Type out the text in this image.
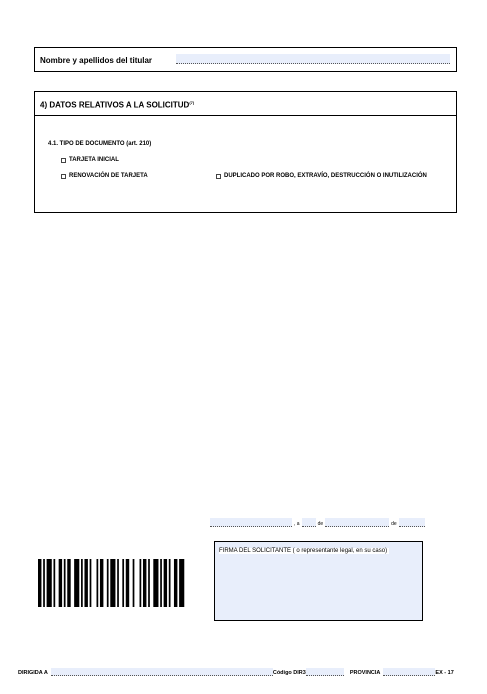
Nombre y apellidos del titular
4) DATOS RELATIVOS A LA SOLICITUD$^{(7)}$
4.1. TIPO DE DOCUMENTO (art. 210)
TARJETA INICIAL
RENOVACIÓN DE TARJETA	DUPLICADO POR ROBO, EXTRAVÍO, DESTRUCCIÓN O INUTILIZACIÓN
, a	de	de
FIRMA DEL SOLICITANTE ( o representante legal, en su caso)
DIRIGIDA A	Código DIR3	PROVINCIA	EX - 17
